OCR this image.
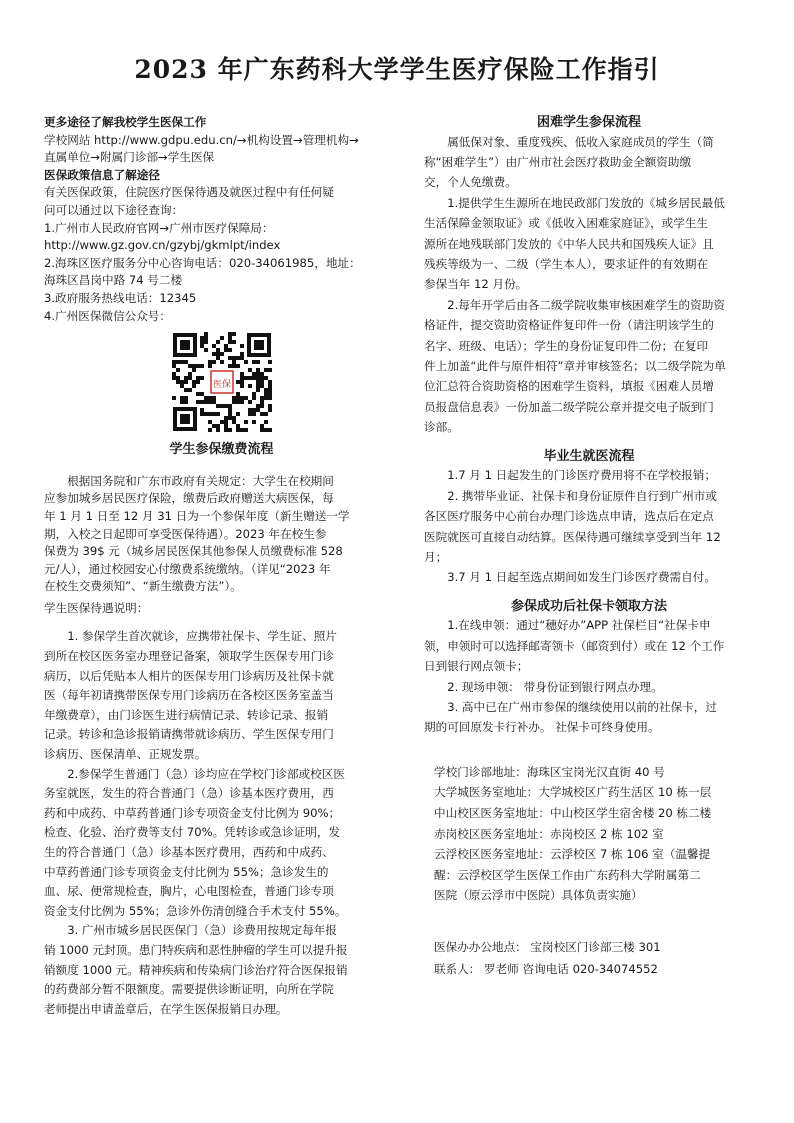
2023 年广东药科大学学生医疗保险工作指引

更多途径了解我校学生医保工作

学校网站 http://www.gdpu.edu.cn/→机构设置→管理机构→

直属单位→附属门诊部→学生医保

医保政策信息了解途径

有关医保政策，住院医疗医保待遇及就医过程中有任何疑

问可以通过以下途径查询：

1.广州市人民政府官网→广州市医疗保障局：

http://www.gz.gov.cn/gzybj/gkmlpt/index

2.海珠区医疗服务分中心咨询电话：020-34061985，地址：

海珠区昌岗中路 74 号二楼

3.政府服务热线电话：12345

4.广州医保微信公众号：

医保

学生参保缴费流程

根据国务院和广东市政府有关规定：大学生在校期间

应参加城乡居民医疗保险，缴费后政府赠送大病医保，每

年 1 月 1 日至 12 月 31 日为一个参保年度（新生赠送一学

期，入校之日起即可享受医保待遇）。2023 年在校生参

保费为 39$ 元（城乡居民医保其他参保人员缴费标准 528

元/人），通过校园安心付缴费系统缴纳。（详见“2023 年

在校生交费须知”、“新生缴费方法”）。

学生医保待遇说明：

1. 参保学生首次就诊，应携带社保卡、学生证、照片

到所在校区医务室办理登记备案，领取学生医保专用门诊

病历，以后凭贴本人相片的医保专用门诊病历及社保卡就

医（每年初请携带医保专用门诊病历在各校区医务室盖当

年缴费章），由门诊医生进行病情记录、转诊记录、报销

记录。转诊和急诊报销请携带就诊病历、学生医保专用门

诊病历、医保清单、正规发票。

2.参保学生普通门（急）诊均应在学校门诊部或校区医

务室就医，发生的符合普通门（急）诊基本医疗费用，西

药和中成药、中草药普通门诊专项资金支付比例为 90%；

检查、化验、治疗费等支付 70%。凭转诊或急诊证明，发

生的符合普通门（急）诊基本医疗费用，西药和中成药、

中草药普通门诊专项资金支付比例为 55%；急诊发生的

血、尿、便常规检查，胸片，心电图检查，普通门诊专项

资金支付比例为 55%；急诊外伤清创缝合手术支付 55%。

3. 广州市城乡居民医保门（急）诊费用按规定每年报

销 1000 元封顶。患门特疾病和恶性肿瘤的学生可以提升报

销额度 1000 元。精神疾病和传染病门诊治疗符合医保报销

的药费部分暂不限额度。需要提供诊断证明，向所在学院

老师提出申请盖章后，在学生医保报销日办理。

困难学生参保流程

属低保对象、重度残疾、低收入家庭成员的学生（简

称“困难学生”）由广州市社会医疗救助金全额资助缴

交，个人免缴费。

1.提供学生生源所在地民政部门发放的《城乡居民最低

生活保障金领取证》或《低收入困难家庭证》，或学生生

源所在地残联部门发放的《中华人民共和国残疾人证》且

残疾等级为一、二级（学生本人），要求证件的有效期在

参保当年 12 月份。

2.每年开学后由各二级学院收集审核困难学生的资助资

格证件，提交资助资格证件复印件一份（请注明该学生的

名字、班级、电话）；学生的身份证复印件二份；在复印

件上加盖“此件与原件相符”章并审核签名；以二级学院为单

位汇总符合资助资格的困难学生资料，填报《困难人员增

员报盘信息表》一份加盖二级学院公章并提交电子版到门

诊部。

毕业生就医流程

1.7 月 1 日起发生的门诊医疗费用将不在学校报销；

2. 携带毕业证、社保卡和身份证原件自行到广州市或

各区医疗服务中心前台办理门诊选点申请，选点后在定点

医院就医可直接自动结算。医保待遇可继续享受到当年 12

月；

3.7 月 1 日起至选点期间如发生门诊医疗费需自付。

参保成功后社保卡领取方法

1.在线申领：通过“穗好办”APP 社保栏目“社保卡申

领，申领时可以选择邮寄领卡（邮资到付）或在 12 个工作

日到银行网点领卡；

2. 现场申领： 带身份证到银行网点办理。

3. 高中已在广州市参保的继续使用以前的社保卡，过

期的可回原发卡行补办。 社保卡可终身使用。

学校门诊部地址：海珠区宝岗光汉直街 40 号

大学城医务室地址：大学城校区广药生活区 10 栋一层

中山校区医务室地址：中山校区学生宿舍楼 20 栋二楼

赤岗校区医务室地址：赤岗校区 2 栋 102 室

云浮校区医务室地址：云浮校区 7 栋 106 室（温馨提

醒：云浮校区学生医保工作由广东药科大学附属第二

医院（原云浮市中医院）具体负责实施）

医保办办公地点： 宝岗校区门诊部三楼 301

联系人： 罗老师 咨询电话 020-34074552
